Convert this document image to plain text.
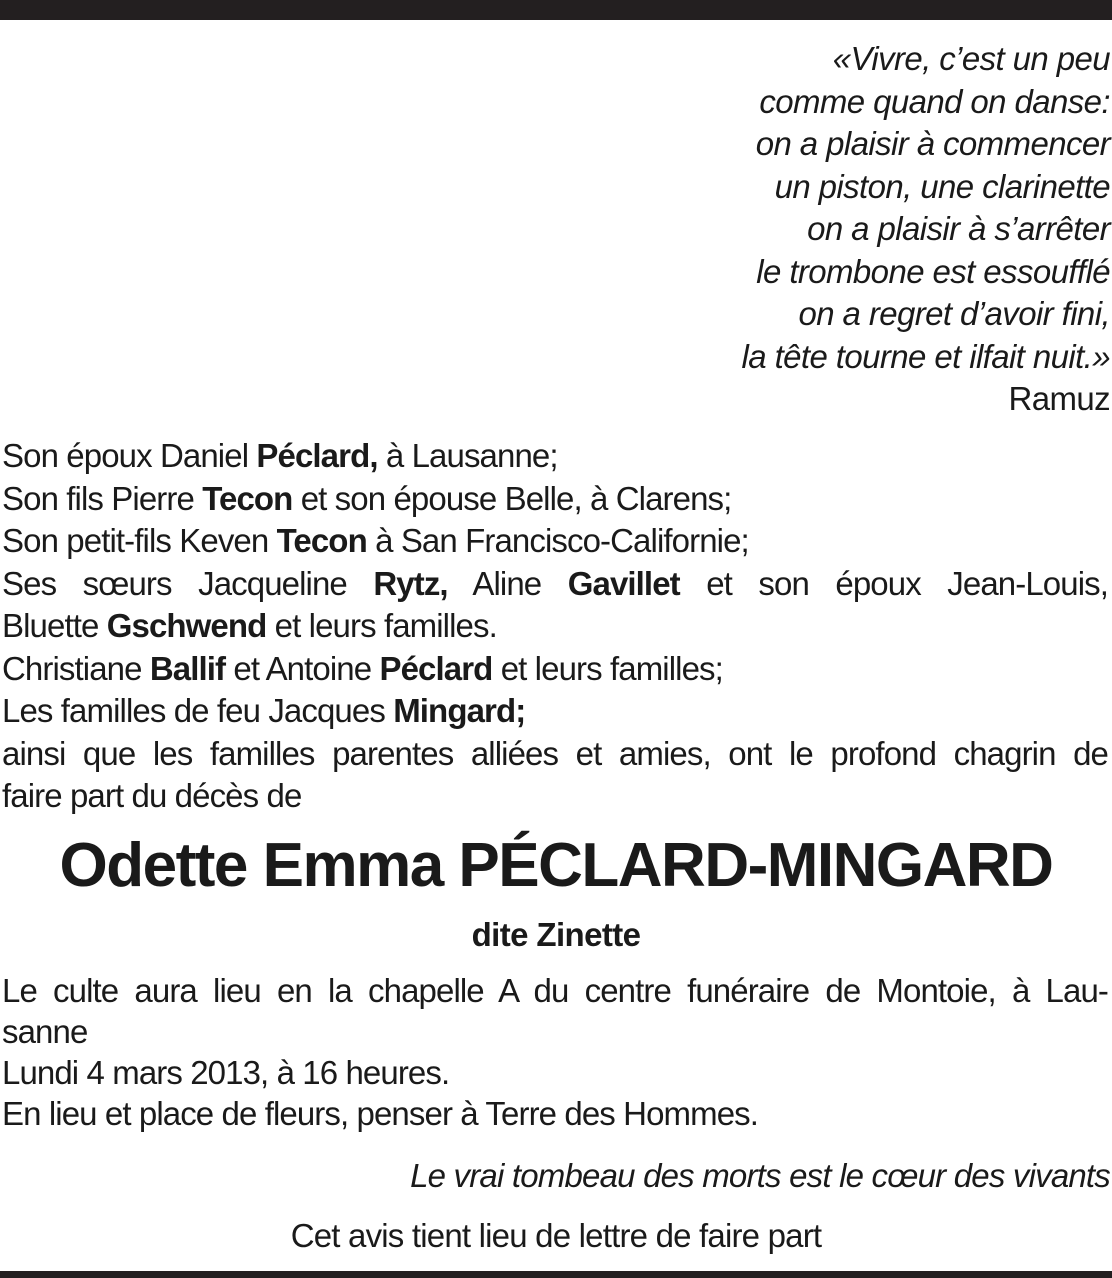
«Vivre, c’est un peu
comme quand on danse:
on a plaisir à commencer
un piston, une clarinette
on a plaisir à s’arrêter
le trombone est essoufflé
on a regret d’avoir fini,
la tête tourne et ilfait nuit.»
Ramuz
Son époux Daniel Péclard, à Lausanne;
Son fils Pierre Tecon et son épouse Belle, à Clarens;
Son petit-fils Keven Tecon à San Francisco-Californie;
Ses sœurs Jacqueline Rytz, Aline Gavillet et son époux Jean-Louis,
Bluette Gschwend et leurs familles.
Christiane Ballif et Antoine Péclard et leurs familles;
Les familles de feu Jacques Mingard;
ainsi que les familles parentes alliées et amies, ont le profond chagrin de
faire part du décès de
Odette Emma PÉCLARD-MINGARD
dite Zinette
Le culte aura lieu en la chapelle A du centre funéraire de Montoie, à Lau-
sanne
Lundi 4 mars 2013, à 16 heures.
En lieu et place de fleurs, penser à Terre des Hommes.
Le vrai tombeau des morts est le cœur des vivants
Cet avis tient lieu de lettre de faire part
